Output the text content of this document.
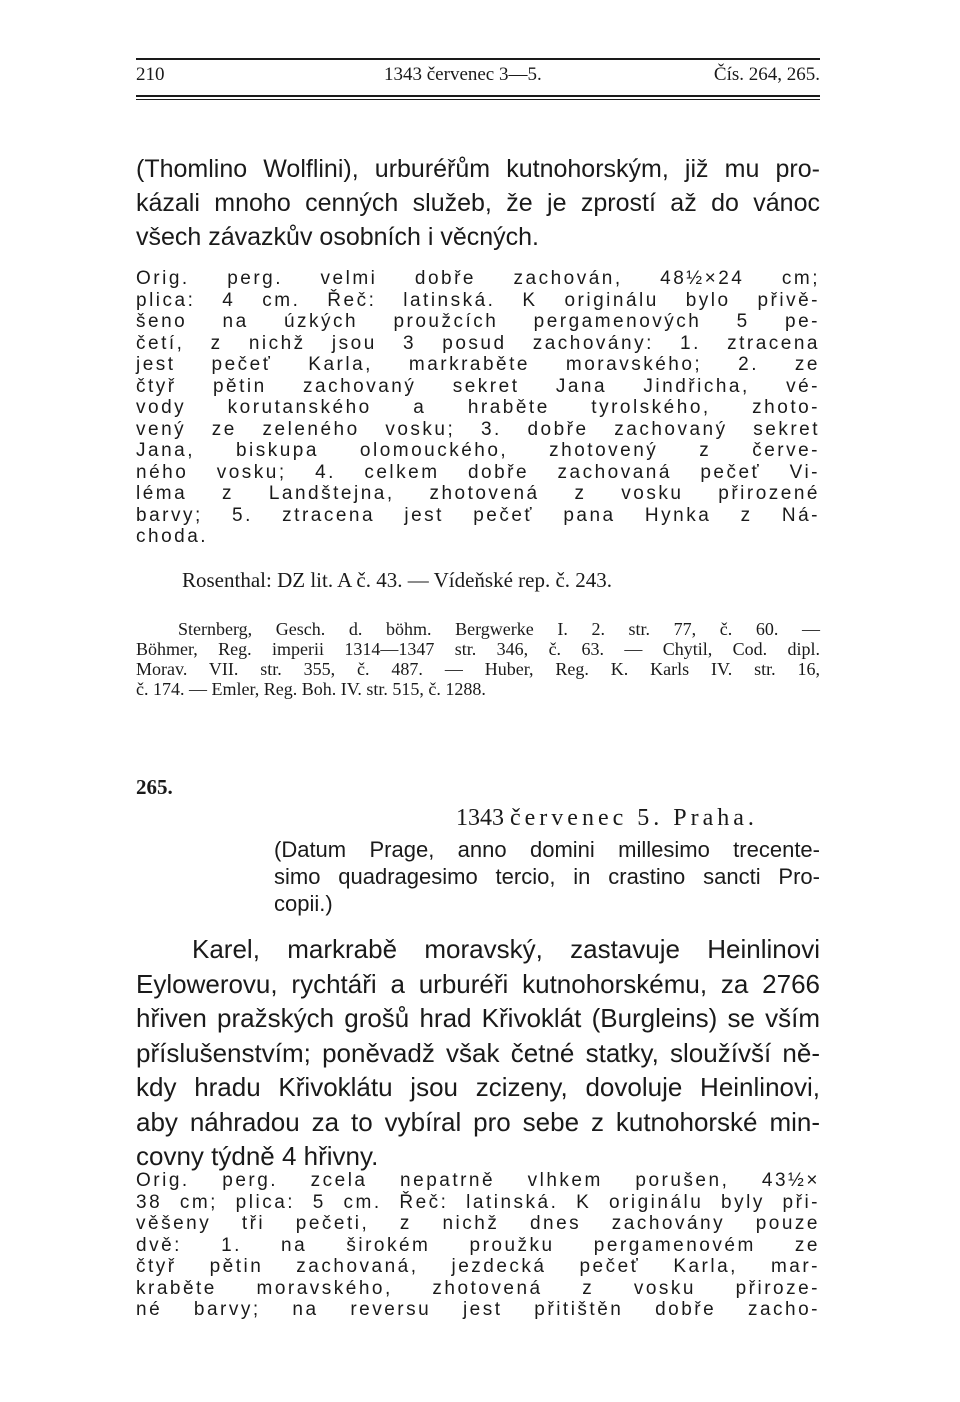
210	1343 červenec 3—5.	Čís. 264, 265.
(Thomlino Wolflini), urburéřům kutnohorským, již mu pro-
kázali mnoho cenných služeb, že je zprostí až do vánoc
všech závazkův osobních i věcných.
Orig. perg. velmi dobře zachován, 48½×24 cm;
plica: 4 cm. Řeč: latinská. K originálu bylo přivě-
šeno na úzkých proužcích pergamenových 5 pe-
četí, z nichž jsou 3 posud zachovány: 1. ztracena
jest pečeť Karla, markraběte moravského; 2. ze
čtyř pětin zachovaný sekret Jana Jindřicha, vé-
vody korutanského a hraběte tyrolského, zhoto-
vený ze zeleného vosku; 3. dobře zachovaný sekret
Jana, biskupa olomouckého, zhotovený z červe-
ného vosku; 4. celkem dobře zachovaná pečeť Vi-
léma z Landštejna, zhotovená z vosku přirozené
barvy; 5. ztracena jest pečeť pana Hynka z Ná-
choda.
Rosenthal: DZ lit. A č. 43. — Vídeňské rep. č. 243.
Sternberg, Gesch. d. böhm. Bergwerke I. 2. str. 77, č. 60. —
Böhmer, Reg. imperii 1314—1347 str. 346, č. 63. — Chytil, Cod. dipl.
Morav. VII. str. 355, č. 487. — Huber, Reg. K. Karls IV. str. 16,
č. 174. — Emler, Reg. Boh. IV. str. 515, č. 1288.
265.
1343 červenec 5. Praha.
(Datum Prage, anno domini millesimo trecente-
simo quadragesimo tercio, in crastino sancti Pro-
copii.)
Karel, markrabě moravský, zastavuje Heinlinovi
Eylowerovu, rychtáři a urburéři kutnohorskému, za 2766
hřiven pražských grošů hrad Křivoklát (Burgleins) se vším
příslušenstvím; poněvadž však četné statky, sloužívší ně-
kdy hradu Křivoklátu jsou zcizeny, dovoluje Heinlinovi,
aby náhradou za to vybíral pro sebe z kutnohorské min-
covny týdně 4 hřivny.
Orig. perg. zcela nepatrně vlhkem porušen, 43½×
38 cm; plica: 5 cm. Řeč: latinská. K originálu byly při-
věšeny tři pečeti, z nichž dnes zachovány pouze
dvě: 1. na širokém proužku pergamenovém ze
čtyř pětin zachovaná, jezdecká pečeť Karla, mar-
kraběte moravského, zhotovená z vosku přiroze-
né barvy; na reversu jest přitištěn dobře zacho-
